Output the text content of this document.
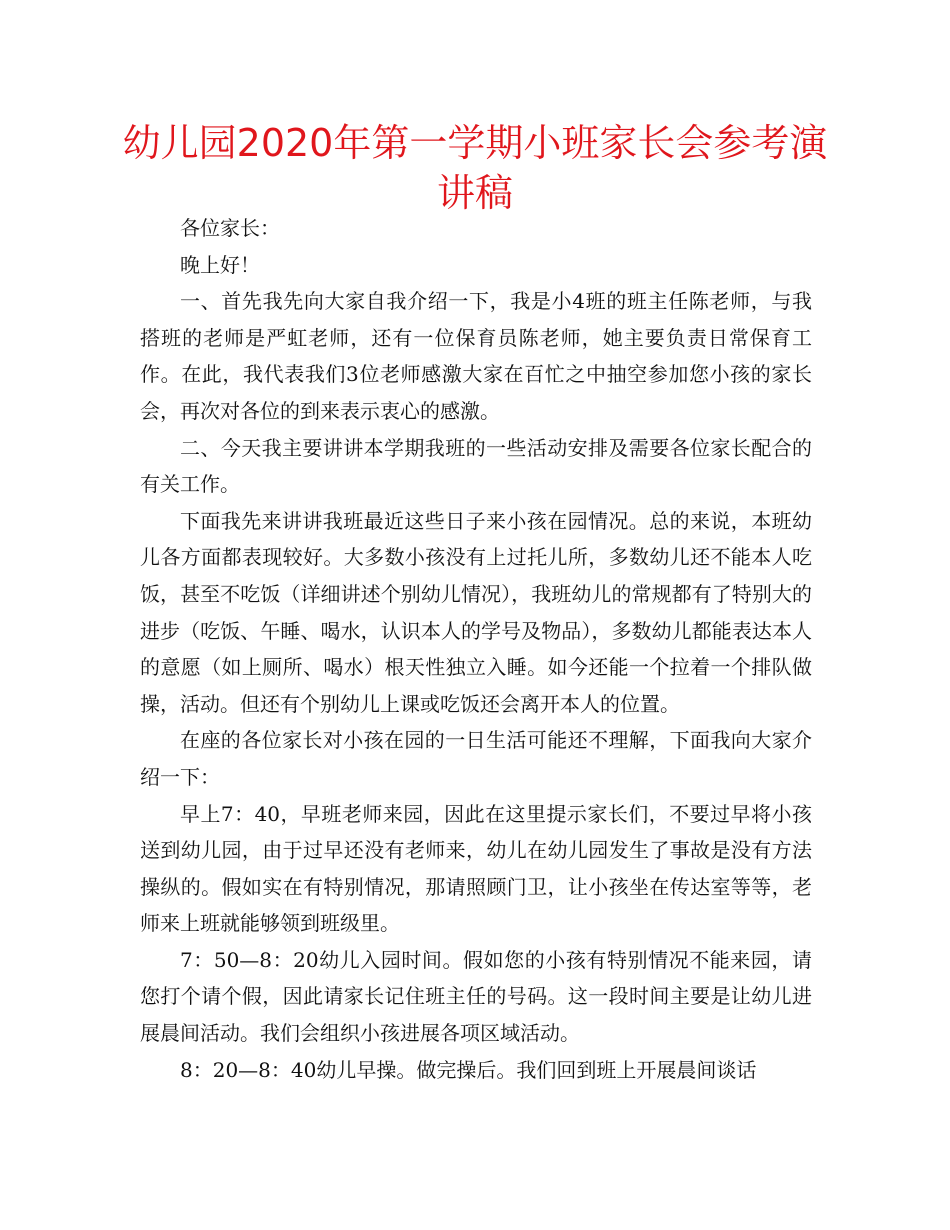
幼儿园2020年第一学期小班家长会参考演讲稿

各位家长：

晚上好！

一、首先我先向大家自我介绍一下，我是小4班的班主任陈老师，与我搭班的老师是严虹老师，还有一位保育员陈老师，她主要负责日常保育工作。在此，我代表我们3位老师感激大家在百忙之中抽空参加您小孩的家长会，再次对各位的到来表示衷心的感激。

二、今天我主要讲讲本学期我班的一些活动安排及需要各位家长配合的有关工作。

下面我先来讲讲我班最近这些日子来小孩在园情况。总的来说，本班幼儿各方面都表现较好。大多数小孩没有上过托儿所，多数幼儿还不能本人吃饭，甚至不吃饭（详细讲述个别幼儿情况），我班幼儿的常规都有了特别大的进步（吃饭、午睡、喝水，认识本人的学号及物品），多数幼儿都能表达本人的意愿（如上厕所、喝水）根天性独立入睡。如今还能一个拉着一个排队做操，活动。但还有个别幼儿上课或吃饭还会离开本人的位置。

在座的各位家长对小孩在园的一日生活可能还不理解，下面我向大家介绍一下：

早上7：40，早班老师来园，因此在这里提示家长们，不要过早将小孩送到幼儿园，由于过早还没有老师来，幼儿在幼儿园发生了事故是没有方法操纵的。假如实在有特别情况，那请照顾门卫，让小孩坐在传达室等等，老师来上班就能够领到班级里。

7：50—8：20幼儿入园时间。假如您的小孩有特别情况不能来园，请您打个请个假，因此请家长记住班主任的号码。这一段时间主要是让幼儿进展晨间活动。我们会组织小孩进展各项区域活动。

8：20—8：40幼儿早操。做完操后。我们回到班上开展晨间谈话
